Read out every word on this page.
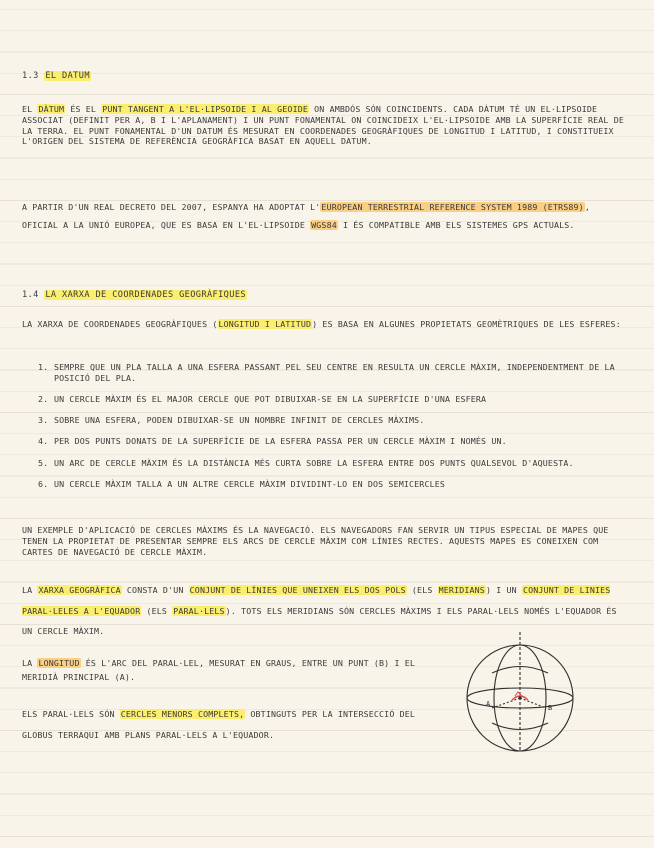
1.3 EL DATUM
EL DÀTUM ÉS EL PUNT TANGENT A L'EL·LIPSOIDE I AL GEOIDE ON AMBDÓS SÓN COINCIDENTS. CADA DÀTUM TÉ UN EL·LIPSOIDE ASSOCIAT (DEFINIT PER A, B I L'APLANAMENT) I UN PUNT FONAMENTAL ON COINCIDEIX L'EL·LIPSOIDE AMB LA SUPERFÍCIE REAL DE LA TERRA. EL PUNT FONAMENTAL D'UN DATUM ÉS MESURAT EN COORDENADES GEOGRÀFIQUES DE LONGITUD I LATITUD, I CONSTITUEIX L'ORIGEN DEL SISTEMA DE REFERÈNCIA GEOGRÀFICA BASAT EN AQUELL DATUM.
A PARTIR D'UN REAL DECRETO DEL 2007, ESPANYA HA ADOPTAT L'EUROPEAN TERRESTRIAL REFERENCE SYSTEM 1989 (ETRS89), OFICIAL A LA UNIÓ EUROPEA, QUE ES BASA EN L'EL·LIPSOIDE WGS84 I ÉS COMPATIBLE AMB ELS SISTEMES GPS ACTUALS.
1.4 LA XARXA DE COORDENADES GEOGRÀFIQUES
LA XARXA DE COORDENADES GEOGRÀFIQUES (LONGITUD I LATITUD) ES BASA EN ALGUNES PROPIETATS GEOMÈTRIQUES DE LES ESFERES:
1. SEMPRE QUE UN PLA TALLA A UNA ESFERA PASSANT PEL SEU CENTRE EN RESULTA UN CERCLE MÀXIM, INDEPENDENTMENT DE LA POSICIÓ DEL PLA.
2. UN CERCLE MÀXIM ÉS EL MAJOR CERCLE QUE POT DIBUIXAR-SE EN LA SUPERFÍCIE D'UNA ESFERA
3. SOBRE UNA ESFERA, PODEN DIBUIXAR-SE UN NOMBRE INFINIT DE CERCLES MÀXIMS.
4. PER DOS PUNTS DONATS DE LA SUPERFÍCIE DE LA ESFERA PASSA PER UN CERCLE MÀXIM I NOMÉS UN.
5. UN ARC DE CERCLE MÀXIM ÉS LA DISTÀNCIA MÉS CURTA SOBRE LA ESFERA ENTRE DOS PUNTS QUALSEVOL D'AQUESTA.
6. UN CERCLE MÀXIM TALLA A UN ALTRE CERCLE MÀXIM DIVIDINT-LO EN DOS SEMICERCLES
UN EXEMPLE D'APLICACIÓ DE CERCLES MÀXIMS ÉS LA NAVEGACIÓ. ELS NAVEGADORS FAN SERVIR UN TIPUS ESPECIAL DE MAPES QUE TENEN LA PROPIETAT DE PRESENTAR SEMPRE ELS ARCS DE CERCLE MÀXIM COM LÍNIES RECTES. AQUESTS MAPES ES CONEIXEN COM CARTES DE NAVEGACIÓ DE CERCLE MÀXIM.
LA XARXA GEOGRÀFICA CONSTA D'UN CONJUNT DE LÍNIES QUE UNEIXEN ELS DOS POLS (ELS MERIDIANS) I UN CONJUNT DE LINIES PARAL·LELES A L'EQUADOR (ELS PARAL·LELS). TOTS ELS MERIDIANS SÓN CERCLES MÀXIMS I ELS PARAL·LELS NOMÉS L'EQUADOR ÉS UN CERCLE MÀXIM.
LA LONGITUD ÉS L'ARC DEL PARAL·LEL, MESURAT EN GRAUS, ENTRE UN PUNT (B) I EL MERIDIÀ PRINCIPAL (A).
ELS PARAL·LELS SÓN CERCLES MENORS COMPLETS, OBTINGUTS PER LA INTERSECCIÓ DEL GLOBUS TERRAQUI AMB PLANS PARAL·LELS A L'EQUADOR.
A	B
